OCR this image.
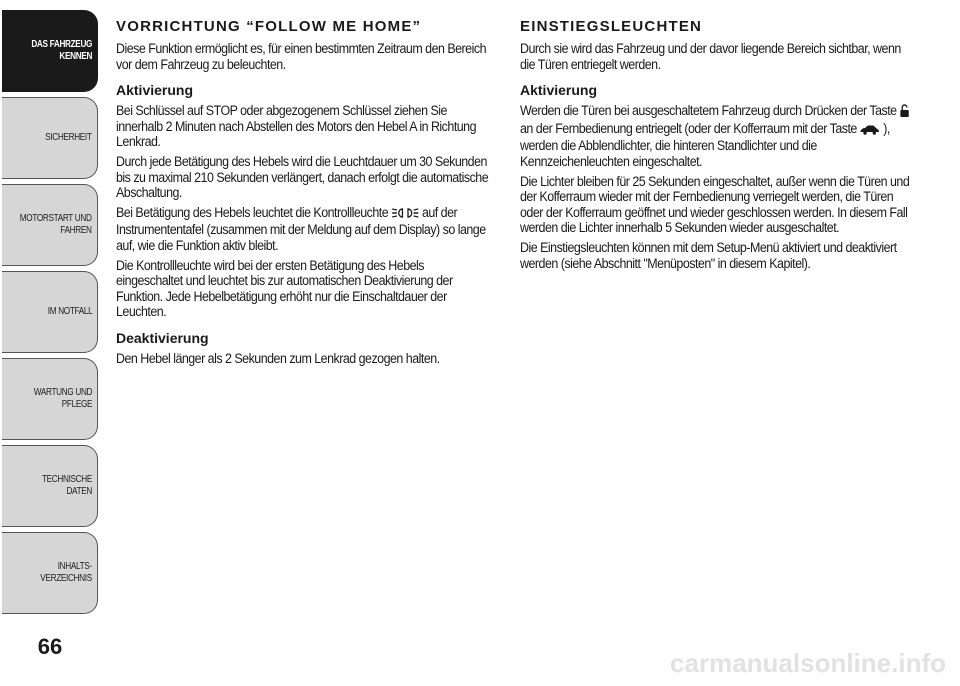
DAS FAHRZEUG
KENNEN
SICHERHEIT
MOTORSTART UND
FAHREN
IM NOTFALL
WARTUNG UND
PFLEGE
TECHNISCHE DATEN
INHALTS-
VERZEICHNIS
66
VORRICHTUNG “FOLLOW ME HOME”

Diese Funktion ermöglicht es, für einen bestimmten Zeitraum den Bereich vor dem Fahrzeug zu beleuchten.

Aktivierung

Bei Schlüssel auf STOP oder abgezogenem Schlüssel ziehen Sie innerhalb 2 Minuten nach Abstellen des Motors den Hebel A in Richtung Lenkrad.

Durch jede Betätigung des Hebels wird die Leuchtdauer um 30 Sekunden bis zu maximal 210 Sekunden verlängert, danach erfolgt die automatische Abschaltung.

Bei Betätigung des Hebels leuchtet die Kontrollleuchte	auf der Instrumententafel (zusammen mit der Meldung auf dem Display) so lange auf, wie die Funktion aktiv bleibt.

Die Kontrollleuchte wird bei der ersten Betätigung des Hebels eingeschaltet und leuchtet bis zur automatischen Deaktivierung der Funktion. Jede Hebelbetätigung erhöht nur die Einschaltdauer der Leuchten.

Deaktivierung

Den Hebel länger als 2 Sekunden zum Lenkrad gezogen halten.

EINSTIEGSLEUCHTEN

Durch sie wird das Fahrzeug und der davor liegende Bereich sichtbar, wenn die Türen entriegelt werden.

Aktivierung

Werden die Türen bei ausgeschaltetem Fahrzeug durch Drücken der Taste  an der Fernbedienung entriegelt (oder der Kofferraum mit der Taste ), werden die Abblendlichter, die hinteren Standlichter und die Kennzeichenleuchten eingeschaltet.

Die Lichter bleiben für 25 Sekunden eingeschaltet, außer wenn die Türen und der Kofferraum wieder mit der Fernbedienung verriegelt werden, die Türen oder der Kofferraum geöffnet und wieder geschlossen werden. In diesem Fall werden die Lichter innerhalb 5 Sekunden wieder ausgeschaltet.

Die Einstiegsleuchten können mit dem Setup-Menü aktiviert und deaktiviert werden (siehe Abschnitt "Menüposten" in diesem Kapitel).

carmanualsonline.info
